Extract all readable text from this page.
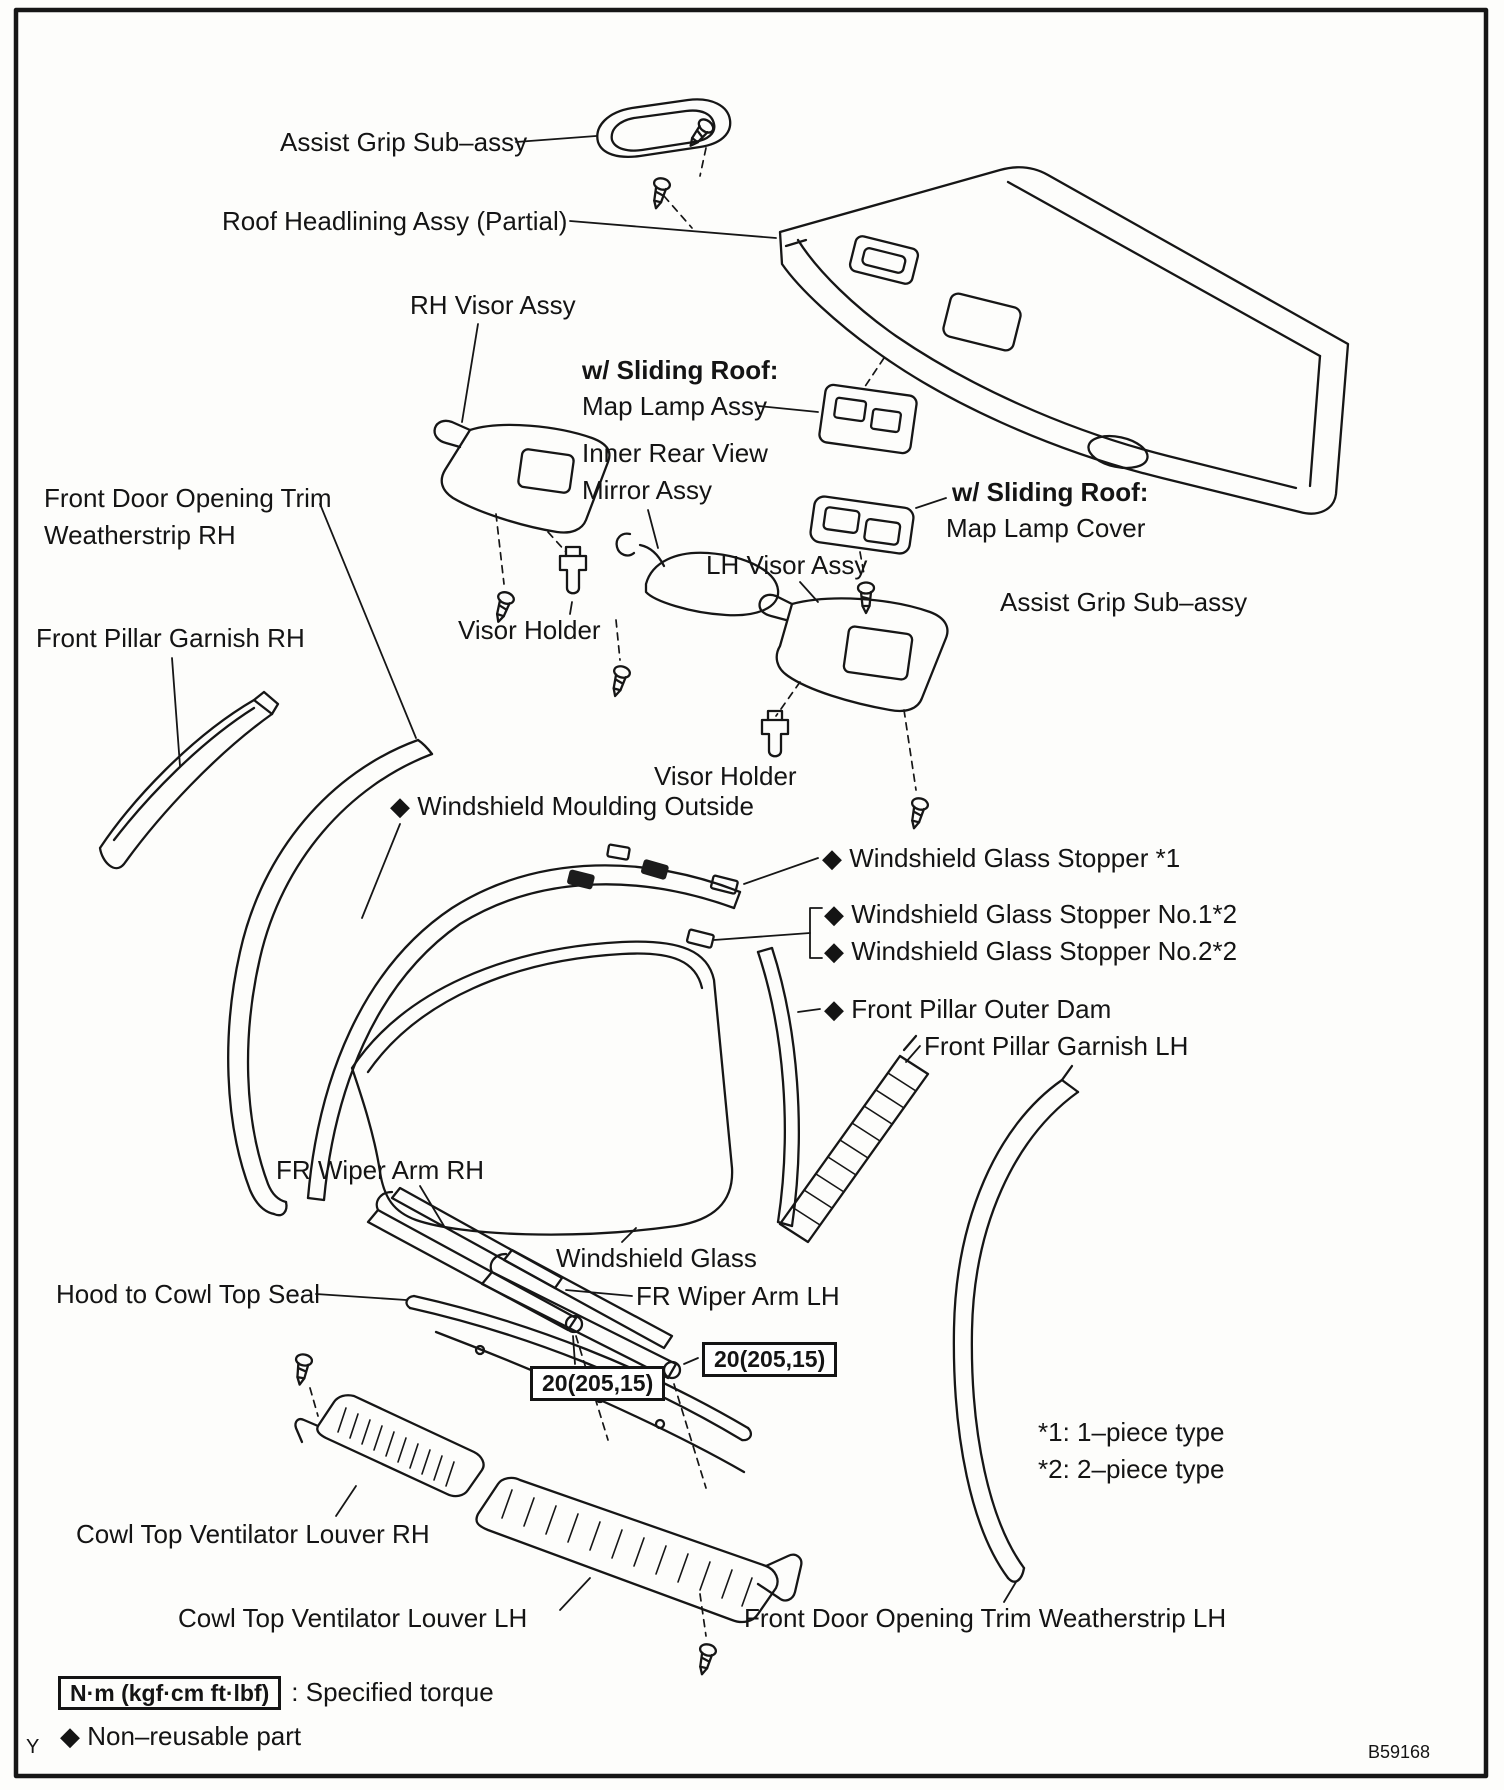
Assist Grip Sub–assy
Roof Headlining Assy (Partial)
RH Visor Assy
w/ Sliding Roof:
Map Lamp Assy
Inner Rear View
Mirror Assy	w/ Sliding Roof:
Map Lamp Cover
Front Door Opening Trim
Weatherstrip RH
LH Visor Assy
Assist Grip Sub–assy
Visor Holder
Front Pillar Garnish RH
Visor Holder
◆ Windshield Moulding Outside
◆ Windshield Glass Stopper *1
◆ Windshield Glass Stopper No.1*2
◆ Windshield Glass Stopper No.2*2
◆ Front Pillar Outer Dam
Front Pillar Garnish LH
FR Wiper Arm RH
Windshield Glass
Hood to Cowl Top Seal	FR Wiper Arm LH
*1: 1–piece type
*2: 2–piece type
Cowl Top Ventilator Louver RH
Cowl Top Ventilator Louver LH	Front Door Opening Trim Weatherstrip LH
20(205,15)
20(205,15)
N·m (kgf·cm ft·lbf) : Specified torque
◆ Non–reusable part
Y	B59168
